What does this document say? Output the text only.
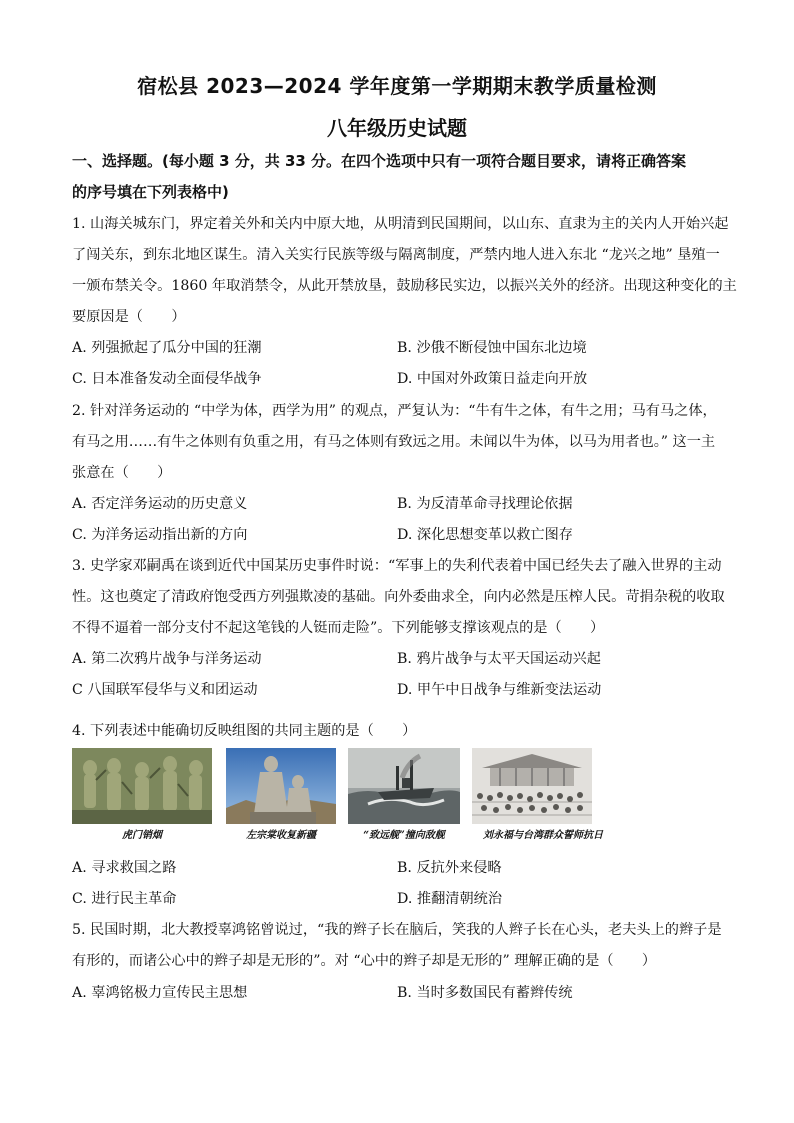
宿松县 2023—2024 学年度第一学期期末教学质量检测
八年级历史试题
一、选择题。(每小题 3 分，共 33 分。在四个选项中只有一项符合题目要求，请将正确答案
的序号填在下列表格中)
1. 山海关城东门，界定着关外和关内中原大地，从明清到民国期间，以山东、直隶为主的关内人开始兴起
了闯关东，到东北地区谋生。清入关实行民族等级与隔离制度，严禁内地人进入东北 “龙兴之地” 垦殖一
一颁布禁关令。1860 年取消禁令，从此开禁放垦，鼓励移民实边，以振兴关外的经济。出现这种变化的主
要原因是（　　）
A. 列强掀起了瓜分中国的狂潮	B. 沙俄不断侵蚀中国东北边境
C. 日本准备发动全面侵华战争	D. 中国对外政策日益走向开放
2. 针对洋务运动的 “中学为体，西学为用” 的观点，严复认为：“牛有牛之体，有牛之用；马有马之体，
有马之用……有牛之体则有负重之用，有马之体则有致远之用。未闻以牛为体，以马为用者也。” 这一主
张意在（　　）
A. 否定洋务运动的历史意义	B. 为反清革命寻找理论依据
C. 为洋务运动指出新的方向	D. 深化思想变革以救亡图存
3. 史学家邓嗣禹在谈到近代中国某历史事件时说：“军事上的失利代表着中国已经失去了融入世界的主动
性。这也奠定了清政府饱受西方列强欺凌的基础。向外委曲求全，向内必然是压榨人民。苛捐杂税的收取
不得不逼着一部分支付不起这笔钱的人铤而走险”。下列能够支撑该观点的是（　　）
A. 第二次鸦片战争与洋务运动	B. 鸦片战争与太平天国运动兴起
C 八国联军侵华与义和团运动	D. 甲午中日战争与维新变法运动
4. 下列表述中能确切反映组图的共同主题的是（　　）
虎门销烟	左宗棠收复新疆	“致远舰”撞向敌舰	刘永福与台湾群众誓师抗日
A. 寻求救国之路	B. 反抗外来侵略
C. 进行民主革命	D. 推翻清朝统治
5. 民国时期，北大教授辜鸿铭曾说过，“我的辫子长在脑后，笑我的人辫子长在心头，老夫头上的辫子是
有形的，而诸公心中的辫子却是无形的”。对 “心中的辫子却是无形的” 理解正确的是（　　）
A. 辜鸿铭极力宣传民主思想	B. 当时多数国民有蓄辫传统
